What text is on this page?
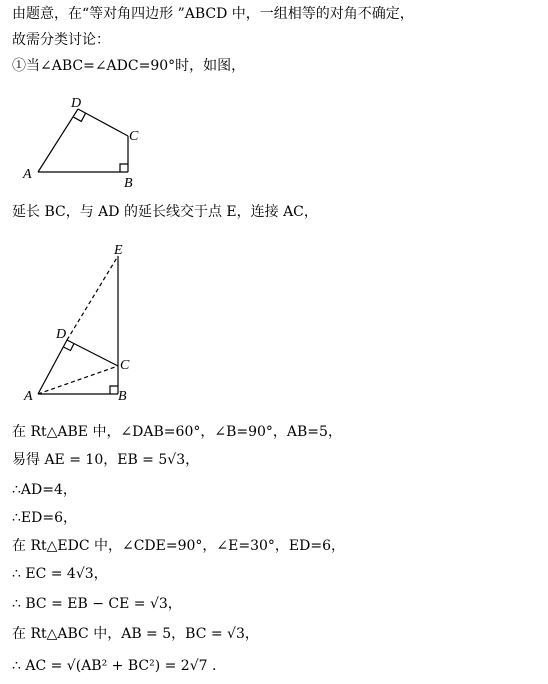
由题意，在“等对角四边形 ”ABCD 中，一组相等的对角不确定，
故需分类讨论：
①当∠ABC=∠ADC=90°时，如图，
A
D
C
B
延长 BC，与 AD 的延长线交于点 E，连接 AC，
E
D
C
A	B
在 Rt△ABE 中，∠DAB=60°，∠B=90°，AB=5，
易得 AE = 10，EB = 5√3，
∴AD=4，
∴ED=6，
在 Rt△EDC 中，∠CDE=90°，∠E=30°，ED=6，
∴ EC = 4√3，
∴ BC = EB − CE = √3，
在 Rt△ABC 中，AB = 5，BC = √3，
∴ AC = √(AB² + BC²) = 2√7 .
